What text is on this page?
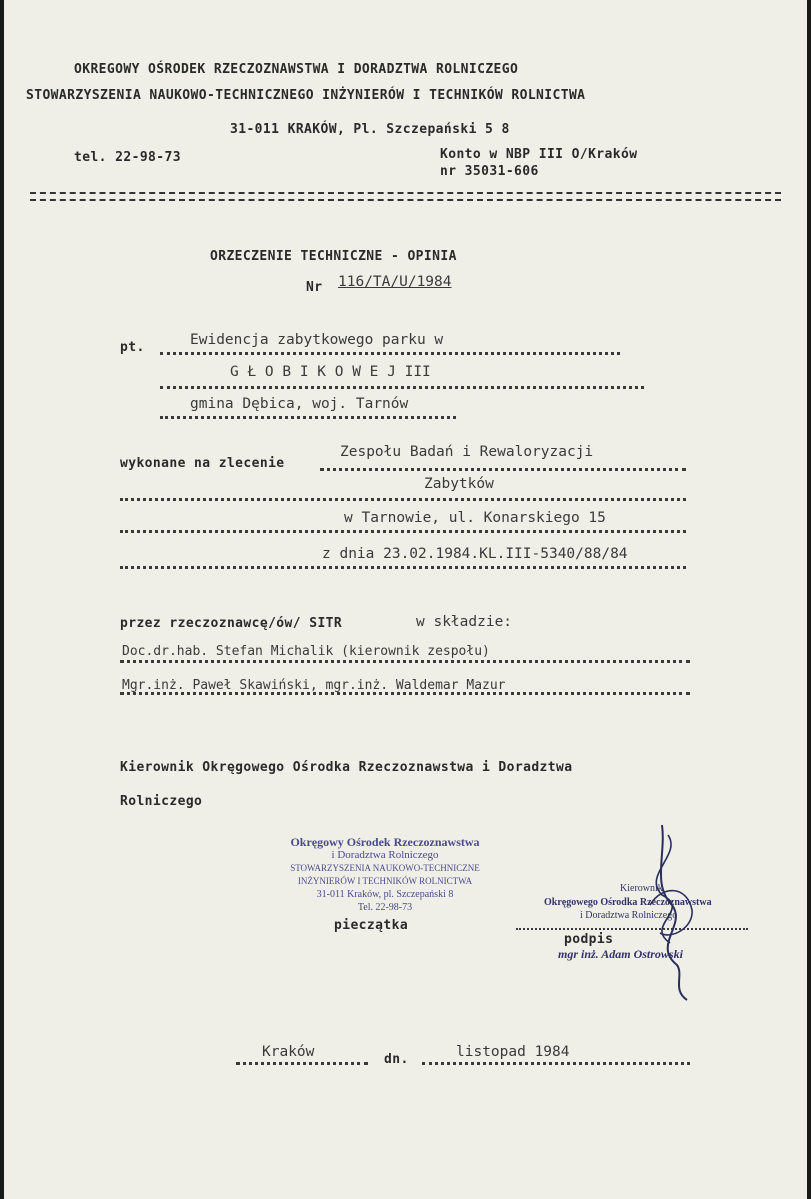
OKREGOWY OŚRODEK RZECZOZNAWSTWA I DORADZTWA ROLNICZEGO
STOWARZYSZENIA NAUKOWO-TECHNICZNEGO INŻYNIERÓW I TECHNIKÓW ROLNICTWA
31-011 KRAKÓW, Pl. Szczepański 5 8
tel. 22-98-73	Konto w NBP III O/Kraków
nr 35031-606
ORZECZENIE TECHNICZNE - OPINIA
Nr 116/TA/U/1984
pt.	Ewidencja zabytkowego parku w
G Ł O B I K O W E J III
gmina Dębica, woj. Tarnów
wykonane na zlecenie
Zespołu Badań i Rewaloryzacji
Zabytków
w Tarnowie, ul. Konarskiego 15
z dnia 23.02.1984.KL.III-5340/88/84
przez rzeczoznawcę/ów/ SITR	w składzie:
Doc.dr.hab. Stefan Michalik (kierownik zespołu)
Mgr.inż. Paweł Skawiński, mgr.inż. Waldemar Mazur
Kierownik Okręgowego Ośrodka Rzeczoznawstwa i Doradztwa
Rolniczego
Okręgowy Ośrodek Rzeczoznawstwa
i Doradztwa Rolniczego
STOWARZYSZENIA NAUKOWO-TECHNICZNE
INŻYNIERÓW I TECHNIKÓW ROLNICTWA
31-011 Kraków, pl. Szczepański 8
Tel. 22-98-73
pieczątka
Kierownik
Okręgowego Ośrodka Rzeczoznawstwa
i Doradztwa Rolniczego
podpis
mgr inż. Adam Ostrowski
Kraków	dn.	listopad 1984
